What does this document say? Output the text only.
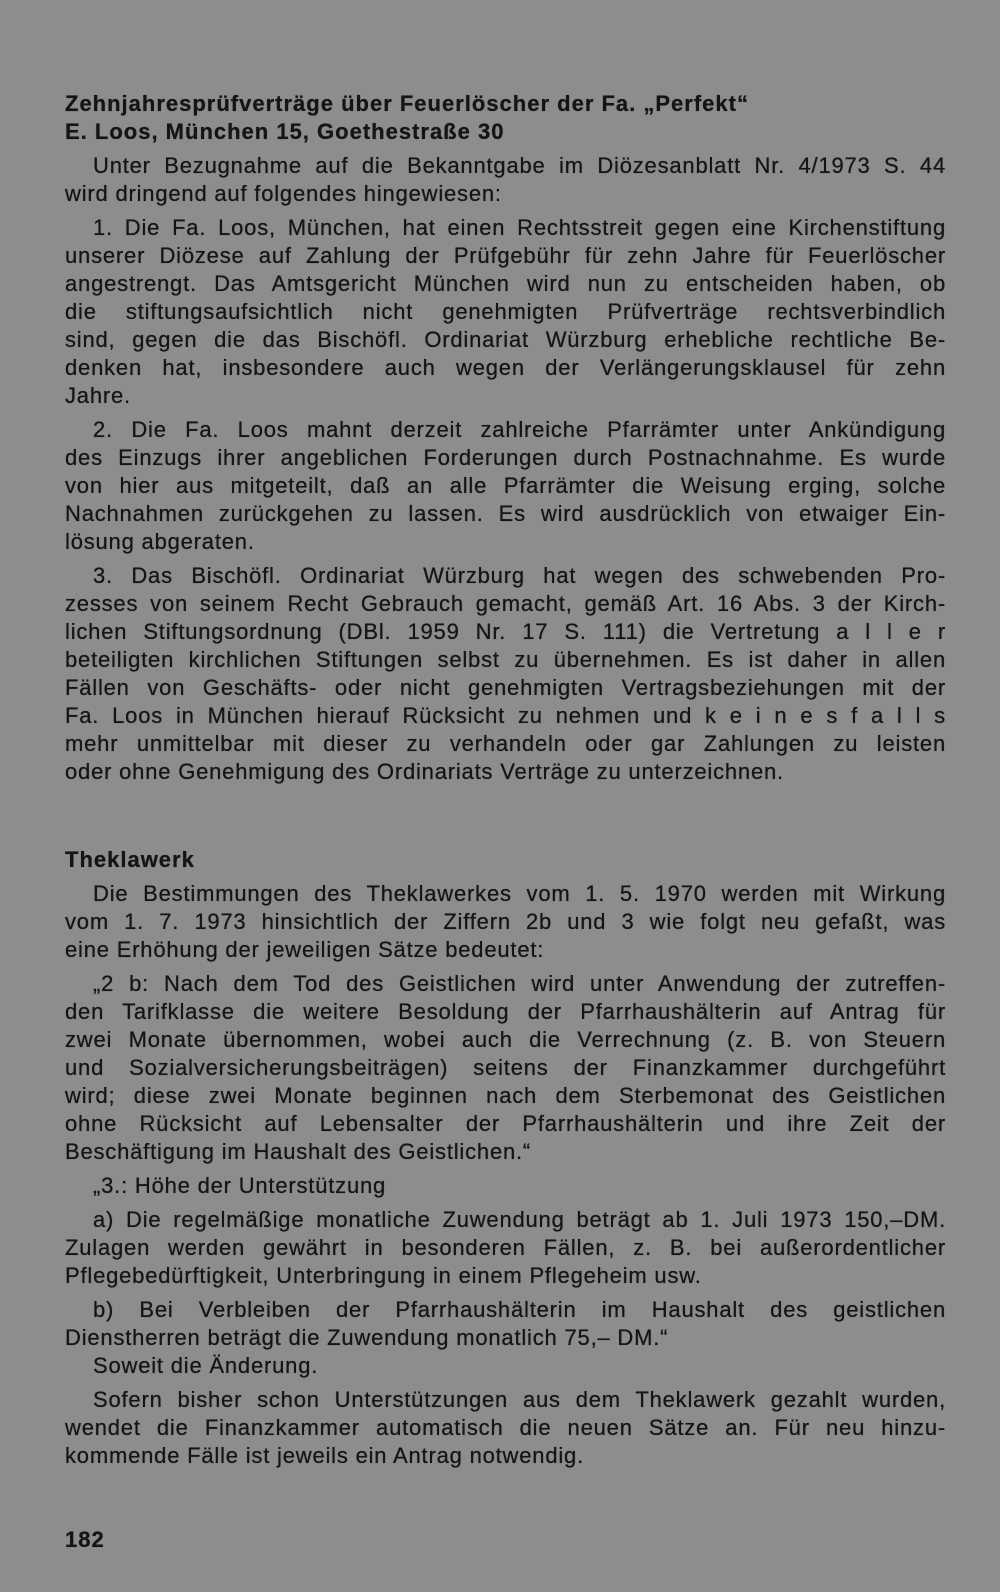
Zehnjahresprüfverträge über Feuerlöscher der Fa. „Perfekt“
E. Loos, München 15, Goethestraße 30
Unter Bezugnahme auf die Bekanntgabe im Diözesanblatt Nr. 4/1973 S. 44
wird dringend auf folgendes hingewiesen:
1. Die Fa. Loos, München, hat einen Rechtsstreit gegen eine Kirchenstiftung
unserer Diözese auf Zahlung der Prüfgebühr für zehn Jahre für Feuerlöscher
angestrengt. Das Amtsgericht München wird nun zu entscheiden haben, ob
die stiftungsaufsichtlich nicht genehmigten Prüfverträge rechtsverbindlich
sind, gegen die das Bischöfl. Ordinariat Würzburg erhebliche rechtliche Be-
denken hat, insbesondere auch wegen der Verlängerungsklausel für zehn
Jahre.
2. Die Fa. Loos mahnt derzeit zahlreiche Pfarrämter unter Ankündigung
des Einzugs ihrer angeblichen Forderungen durch Postnachnahme. Es wurde
von hier aus mitgeteilt, daß an alle Pfarrämter die Weisung erging, solche
Nachnahmen zurückgehen zu lassen. Es wird ausdrücklich von etwaiger Ein-
lösung abgeraten.
3. Das Bischöfl. Ordinariat Würzburg hat wegen des schwebenden Pro-
zesses von seinem Recht Gebrauch gemacht, gemäß Art. 16 Abs. 3 der Kirch-
lichen Stiftungsordnung (DBl. 1959 Nr. 17 S. 111) die Vertretung a l l e r
beteiligten kirchlichen Stiftungen selbst zu übernehmen. Es ist daher in allen
Fällen von Geschäfts- oder nicht genehmigten Vertragsbeziehungen mit der
Fa. Loos in München hierauf Rücksicht zu nehmen und k e i n e s f a l l s
mehr unmittelbar mit dieser zu verhandeln oder gar Zahlungen zu leisten
oder ohne Genehmigung des Ordinariats Verträge zu unterzeichnen.
Theklawerk
Die Bestimmungen des Theklawerkes vom 1. 5. 1970 werden mit Wirkung
vom 1. 7. 1973 hinsichtlich der Ziffern 2b und 3 wie folgt neu gefaßt, was
eine Erhöhung der jeweiligen Sätze bedeutet:
„2 b: Nach dem Tod des Geistlichen wird unter Anwendung der zutreffen-
den Tarifklasse die weitere Besoldung der Pfarrhaushälterin auf Antrag für
zwei Monate übernommen, wobei auch die Verrechnung (z. B. von Steuern
und Sozialversicherungsbeiträgen) seitens der Finanzkammer durchgeführt
wird; diese zwei Monate beginnen nach dem Sterbemonat des Geistlichen
ohne Rücksicht auf Lebensalter der Pfarrhaushälterin und ihre Zeit der
Beschäftigung im Haushalt des Geistlichen.“
„3.: Höhe der Unterstützung
a) Die regelmäßige monatliche Zuwendung beträgt ab 1. Juli 1973 150,–DM.
Zulagen werden gewährt in besonderen Fällen, z. B. bei außerordentlicher
Pflegebedürftigkeit, Unterbringung in einem Pflegeheim usw.
b) Bei Verbleiben der Pfarrhaushälterin im Haushalt des geistlichen
Dienstherren beträgt die Zuwendung monatlich 75,– DM.“
Soweit die Änderung.
Sofern bisher schon Unterstützungen aus dem Theklawerk gezahlt wurden,
wendet die Finanzkammer automatisch die neuen Sätze an. Für neu hinzu-
kommende Fälle ist jeweils ein Antrag notwendig.
182
